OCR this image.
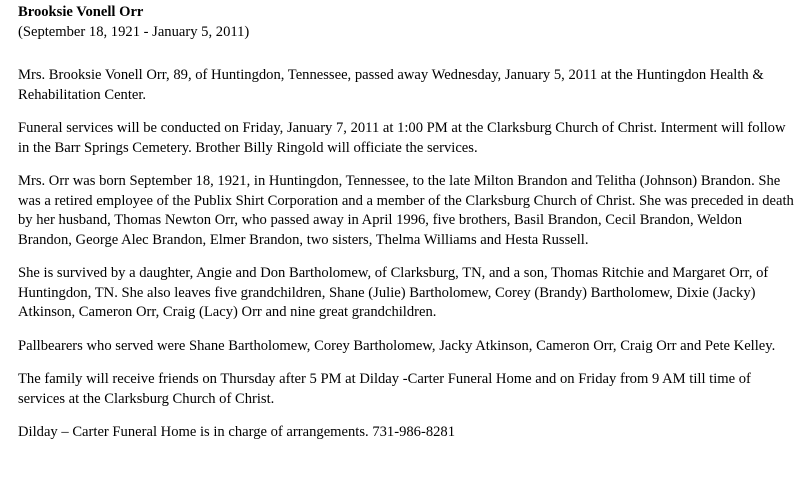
Brooksie Vonell Orr
(September 18, 1921 - January 5, 2011)

Mrs. Brooksie Vonell Orr, 89, of Huntingdon, Tennessee, passed away Wednesday, January 5, 2011 at the Huntingdon Health & Rehabilitation Center.

Funeral services will be conducted on Friday, January 7, 2011 at 1:00 PM at the Clarksburg Church of Christ. Interment will follow in the Barr Springs Cemetery. Brother Billy Ringold will officiate the services.

Mrs. Orr was born September 18, 1921, in Huntingdon, Tennessee, to the late Milton Brandon and Telitha (Johnson) Brandon. She was a retired employee of the Publix Shirt Corporation and a member of the Clarksburg Church of Christ. She was preceded in death by her husband, Thomas Newton Orr, who passed away in April 1996, five brothers, Basil Brandon, Cecil Brandon, Weldon Brandon, George Alec Brandon, Elmer Brandon, two sisters, Thelma Williams and Hesta Russell.

She is survived by a daughter, Angie and Don Bartholomew, of Clarksburg, TN, and a son, Thomas Ritchie and Margaret Orr, of Huntingdon, TN. She also leaves five grandchildren, Shane (Julie) Bartholomew, Corey (Brandy) Bartholomew, Dixie (Jacky) Atkinson, Cameron Orr, Craig (Lacy) Orr and nine great grandchildren.

Pallbearers who served were Shane Bartholomew, Corey Bartholomew, Jacky Atkinson, Cameron Orr, Craig Orr and Pete Kelley.

The family will receive friends on Thursday after 5 PM at Dilday -Carter Funeral Home and on Friday from 9 AM till time of services at the Clarksburg Church of Christ.

Dilday – Carter Funeral Home is in charge of arrangements. 731-986-8281
